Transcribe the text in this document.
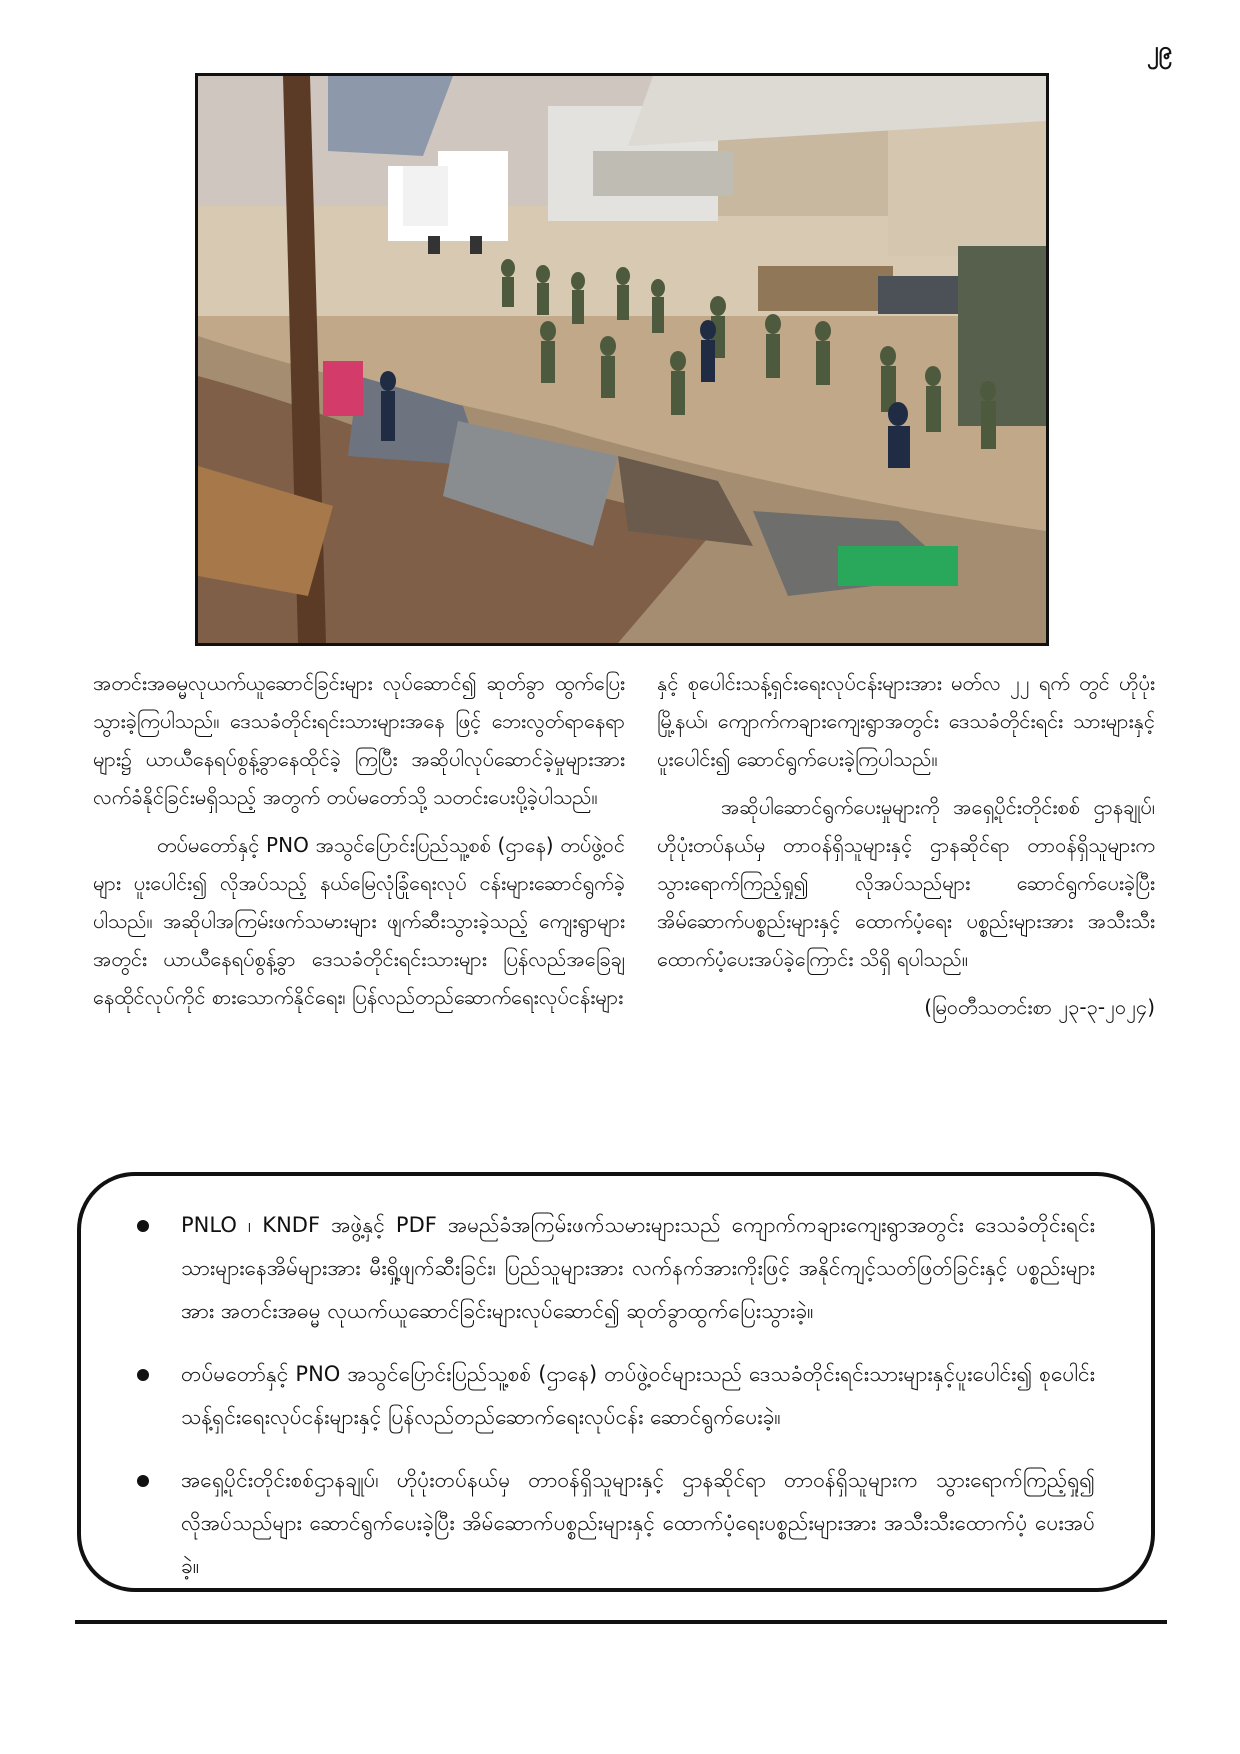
၂၉

အတင်းအဓမ္မလုယက်ယူဆောင်ခြင်းများ လုပ်ဆောင်၍ ဆုတ်ခွာ ထွက်ပြေးသွားခဲ့ကြပါသည်။ ဒေသခံတိုင်းရင်းသားများအနေ ဖြင့် ဘေးလွတ်ရာနေရာများ၌ ယာယီနေရပ်စွန့်ခွာနေထိုင်ခဲ့ ကြပြီး အဆိုပါလုပ်ဆောင်ခဲ့မှုများအား လက်ခံနိုင်ခြင်းမရှိသည့် အတွက် တပ်မတော်သို့ သတင်းပေးပို့ခဲ့ပါသည်။

တပ်မတော်နှင့် PNO အသွင်ပြောင်းပြည်သူ့စစ် (ဌာနေ) တပ်ဖွဲ့ဝင်များ ပူးပေါင်း၍ လိုအပ်သည့် နယ်မြေလုံခြုံရေးလုပ် ငန်းများဆောင်ရွက်ခဲ့ပါသည်။ အဆိုပါအကြမ်းဖက်သမားများ ဖျက်ဆီးသွားခဲ့သည့် ကျေးရွာများအတွင်း ယာယီနေရပ်စွန့်ခွာ ဒေသခံတိုင်းရင်းသားများ ပြန်လည်အခြေချနေထိုင်လုပ်ကိုင် စားသောက်နိုင်ရေး၊ ပြန်လည်တည်ဆောက်ရေးလုပ်ငန်းများ

နှင့် စုပေါင်းသန့်ရှင်းရေးလုပ်ငန်းများအား မတ်လ ၂၂ ရက် တွင် ဟိုပုံးမြို့နယ်၊ ကျောက်ကချားကျေးရွာအတွင်း ဒေသခံတိုင်းရင်း သားများနှင့် ပူးပေါင်း၍ ဆောင်ရွက်ပေးခဲ့ကြပါသည်။

အဆိုပါဆောင်ရွက်ပေးမှုများကို အရှေ့ပိုင်းတိုင်းစစ် ဌာနချုပ်၊ ဟိုပုံးတပ်နယ်မှ တာဝန်ရှိသူများနှင့် ဌာနဆိုင်ရာ တာဝန်ရှိသူများက သွားရောက်ကြည့်ရှု၍ လိုအပ်သည်များ ဆောင်ရွက်ပေးခဲ့ပြီး အိမ်ဆောက်ပစ္စည်းများနှင့် ထောက်ပံ့ရေး ပစ္စည်းများအား အသီးသီး ထောက်ပံ့ပေးအပ်ခဲ့ကြောင်း သိရှိ ရပါသည်။

(မြဝတီသတင်းစာ ၂၃-၃-၂၀၂၄)

PNLO ၊ KNDF အဖွဲ့နှင့် PDF အမည်ခံအကြမ်းဖက်သမားများသည် ကျောက်ကချားကျေးရွာအတွင်း ဒေသခံတိုင်းရင်း သားများနေအိမ်များအား မီးရှို့ဖျက်ဆီးခြင်း၊ ပြည်သူများအား လက်နက်အားကိုးဖြင့် အနိုင်ကျင့်သတ်ဖြတ်ခြင်းနှင့် ပစ္စည်းများအား အတင်းအဓမ္မ လုယက်ယူဆောင်ခြင်းများလုပ်ဆောင်၍ ဆုတ်ခွာထွက်ပြေးသွားခဲ့။
တပ်မတော်နှင့် PNO အသွင်ပြောင်းပြည်သူ့စစ် (ဌာနေ) တပ်ဖွဲ့ဝင်များသည် ဒေသခံတိုင်းရင်းသားများနှင့်ပူးပေါင်း၍ စုပေါင်းသန့်ရှင်းရေးလုပ်ငန်းများနှင့် ပြန်လည်တည်ဆောက်ရေးလုပ်ငန်း ဆောင်ရွက်ပေးခဲ့။
အရှေ့ပိုင်းတိုင်းစစ်ဌာနချုပ်၊ ဟိုပုံးတပ်နယ်မှ တာဝန်ရှိသူများနှင့် ဌာနဆိုင်ရာ တာဝန်ရှိသူများက သွားရောက်ကြည့်ရှု၍ လိုအပ်သည်များ ဆောင်ရွက်ပေးခဲ့ပြီး အိမ်ဆောက်ပစ္စည်းများနှင့် ထောက်ပံ့ရေးပစ္စည်းများအား အသီးသီးထောက်ပံ့ ပေးအပ်ခဲ့။
